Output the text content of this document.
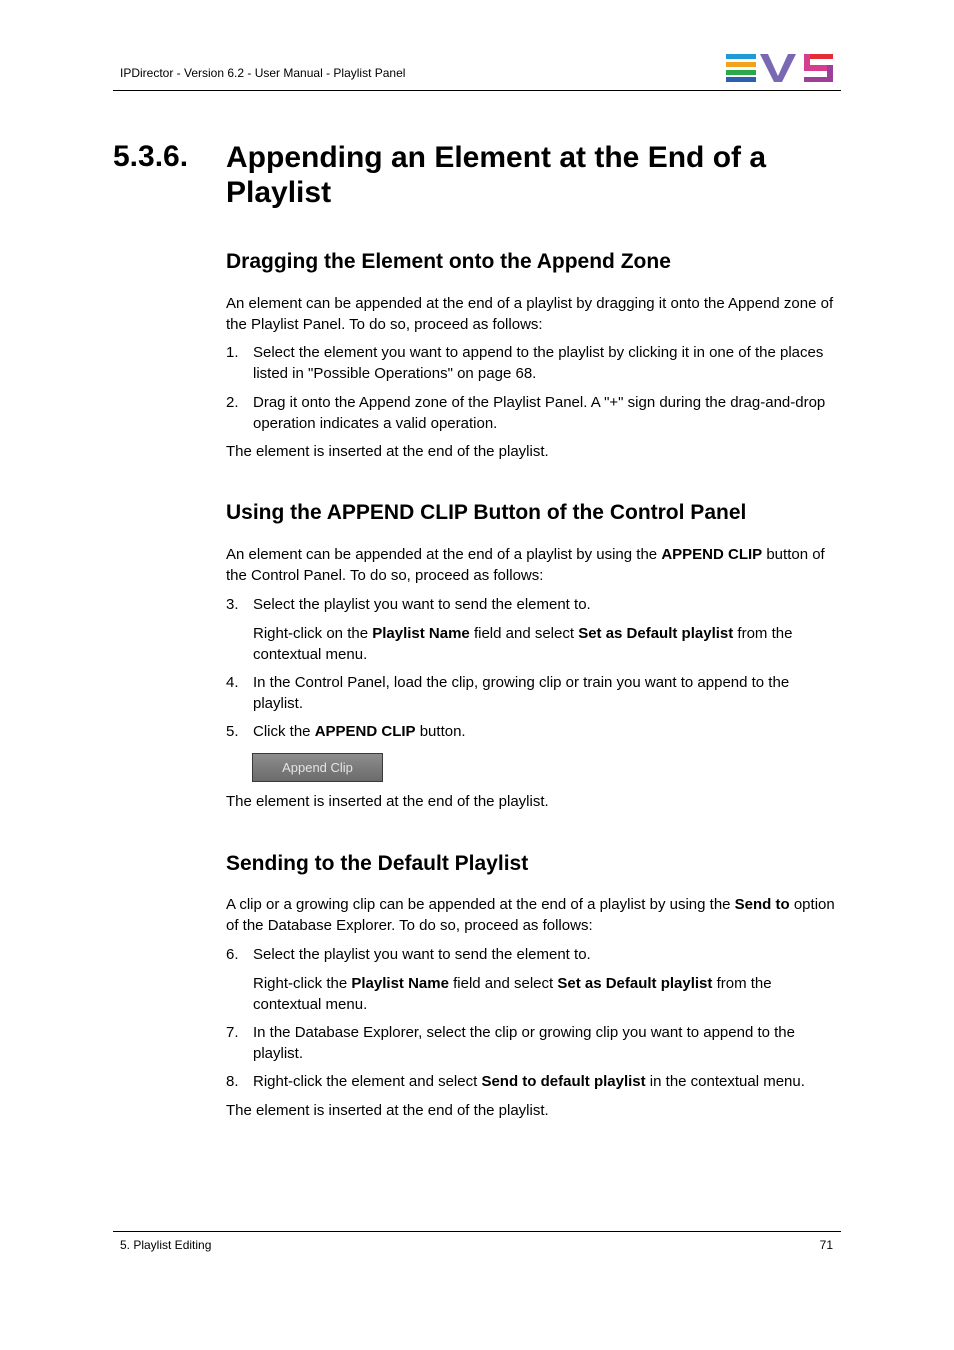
IPDirector - Version 6.2 - User Manual - Playlist Panel
5.3.6. Appending an Element at the End of a Playlist
Dragging the Element onto the Append Zone
An element can be appended at the end of a playlist by dragging it onto the Append zone of the Playlist Panel. To do so, proceed as follows:
1. Select the element you want to append to the playlist by clicking it in one of the places listed in "Possible Operations" on page 68.
2. Drag it onto the Append zone of the Playlist Panel. A "+" sign during the drag-and-drop operation indicates a valid operation.
The element is inserted at the end of the playlist.
Using the APPEND CLIP Button of the Control Panel
An element can be appended at the end of a playlist by using the APPEND CLIP button of the Control Panel. To do so, proceed as follows:
3. Select the playlist you want to send the element to.
Right-click on the Playlist Name field and select Set as Default playlist from the contextual menu.
4. In the Control Panel, load the clip, growing clip or train you want to append to the playlist.
5. Click the APPEND CLIP button.
Append Clip
The element is inserted at the end of the playlist.
Sending to the Default Playlist
A clip or a growing clip can be appended at the end of a playlist by using the Send to option of the Database Explorer. To do so, proceed as follows:
6. Select the playlist you want to send the element to.
Right-click the Playlist Name field and select Set as Default playlist from the contextual menu.
7. In the Database Explorer, select the clip or growing clip you want to append to the playlist.
8. Right-click the element and select Send to default playlist in the contextual menu.
The element is inserted at the end of the playlist.
5. Playlist Editing	71
